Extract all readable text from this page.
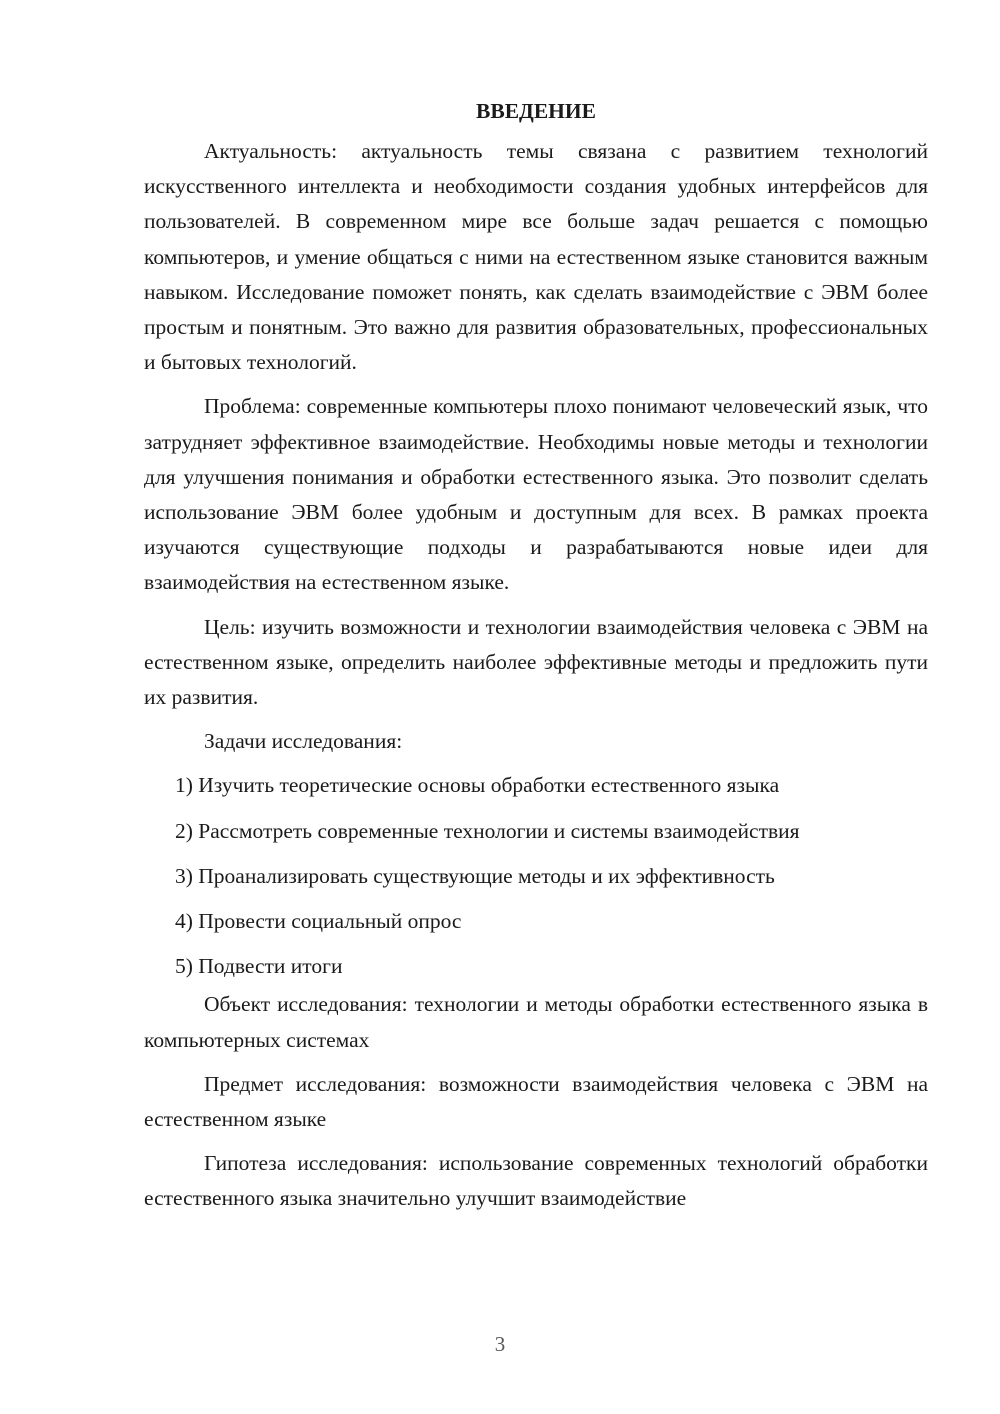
ВВЕДЕНИЕ

Актуальность: актуальность темы связана с развитием технологий искусственного интеллекта и необходимости создания удобных интерфейсов для пользователей. В современном мире все больше задач решается с помощью компьютеров, и умение общаться с ними на естественном языке становится важным навыком. Исследование поможет понять, как сделать взаимодействие с ЭВМ более простым и понятным. Это важно для развития образовательных, профессиональных и бытовых технологий.

Проблема: современные компьютеры плохо понимают человеческий язык, что затрудняет эффективное взаимодействие. Необходимы новые методы и технологии для улучшения понимания и обработки естественного языка. Это позволит сделать использование ЭВМ более удобным и доступным для всех. В рамках проекта изучаются существующие подходы и разрабатываются новые идеи для взаимодействия на естественном языке.

Цель: изучить возможности и технологии взаимодействия человека с ЭВМ на естественном языке, определить наиболее эффективные методы и предложить пути их развития.

Задачи исследования:

1) Изучить теоретические основы обработки естественного языка
2) Рассмотреть современные технологии и системы взаимодействия
3) Проанализировать существующие методы и их эффективность
4) Провести социальный опрос
5) Подвести итоги

Объект исследования: технологии и методы обработки естественного языка в компьютерных системах

Предмет исследования: возможности взаимодействия человека с ЭВМ на естественном языке

Гипотеза исследования: использование современных технологий обработки естественного языка значительно улучшит взаимодействие

3
